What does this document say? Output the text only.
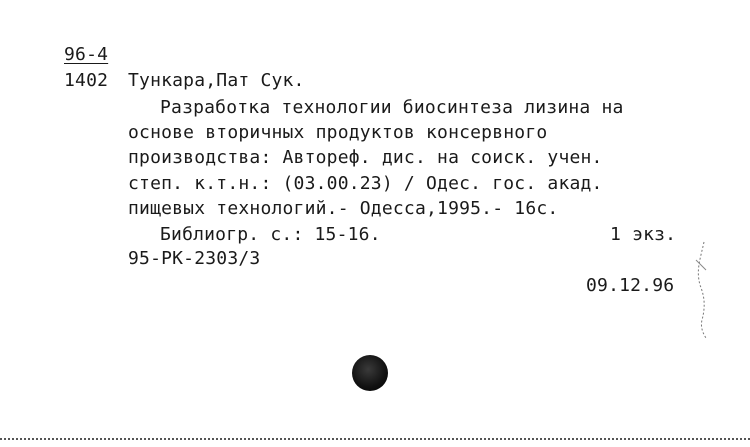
96-4
1402 Тункара,Пат Сук.
Разработка технологии биосинтеза лизина на
основе вторичных продуктов консервного
производства: Автореф. дис. на соиск. учен.
степ. к.т.н.: (03.00.23) / Одес. гос. акад.
пищевых технологий.- Одесса,1995.- 16с.
Библиогр. с.: 15-16.	1 экз.
95-РК-2303/3
09.12.96
